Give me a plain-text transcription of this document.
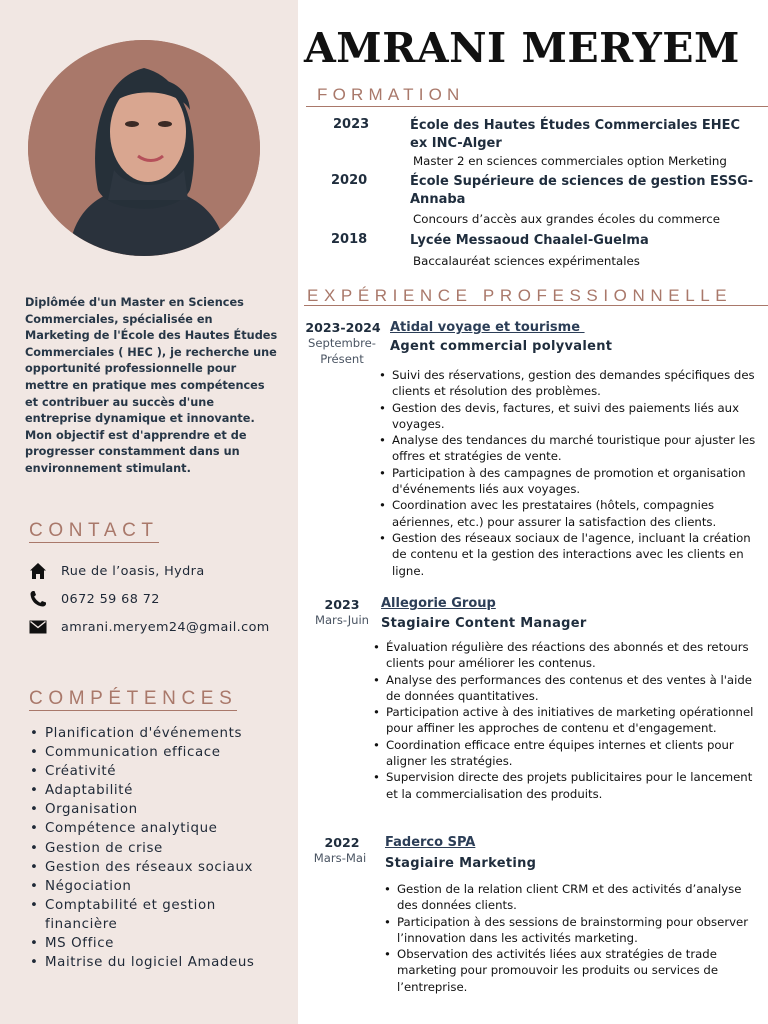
Diplômée d'un Master en Sciences Commerciales, spécialisée en Marketing de l'École des Hautes Études Commerciales ( HEC ), je recherche une opportunité professionnelle pour mettre en pratique mes compétences et contribuer au succès d'une entreprise dynamique et innovante. Mon objectif est d'apprendre et de progresser constamment dans un environnement stimulant.

CONTACT
Rue de l’oasis, Hydra
0672 59 68 72
amrani.meryem24@gmail.com
COMPÉTENCES
• Planification d'événements
• Communication efficace
• Créativité
• Adaptabilité
• Organisation
• Compétence analytique
• Gestion de crise
• Gestion des réseaux sociaux
• Négociation
• Comptabilité et gestion financière
• MS Office
• Maitrise du logiciel Amadeus
AMRANI MERYEM
FORMATION
2023	École des Hautes Études Commerciales EHEC ex INC-Alger
Master 2 en sciences commerciales option Merketing
2020	École Supérieure de sciences de gestion ESSG- Annaba
Concours d’accès aux grandes écoles du commerce
2018	Lycée Messaoud Chaalel-Guelma
Baccalauréat sciences expérimentales
EXPÉRIENCE PROFESSIONNELLE
2023-2024
Septembre-Présent
Atidal voyage et tourisme
Agent commercial polyvalent
• Suivi des réservations, gestion des demandes spécifiques des clients et résolution des problèmes.
• Gestion des devis, factures, et suivi des paiements liés aux voyages.
• Analyse des tendances du marché touristique pour ajuster les offres et stratégies de vente.
• Participation à des campagnes de promotion et organisation d'événements liés aux voyages.
• Coordination avec les prestataires (hôtels, compagnies aériennes, etc.) pour assurer la satisfaction des clients.
• Gestion des réseaux sociaux de l'agence, incluant la création de contenu et la gestion des interactions avec les clients en ligne.
2023
Mars-Juin
Allegorie Group
Stagiaire Content Manager
• Évaluation régulière des réactions des abonnés et des retours clients pour améliorer les contenus.
• Analyse des performances des contenus et des ventes à l'aide de données quantitatives.
• Participation active à des initiatives de marketing opérationnel pour affiner les approches de contenu et d'engagement.
• Coordination efficace entre équipes internes et clients pour aligner les stratégies.
• Supervision directe des projets publicitaires pour le lancement et la commercialisation des produits.
2022
Mars-Mai
Faderco SPA
Stagiaire Marketing
• Gestion de la relation client CRM et des activités d’analyse des données clients.
• Participation à des sessions de brainstorming pour observer l’innovation dans les activités marketing.
• Observation des activités liées aux stratégies de trade marketing pour promouvoir les produits ou services de l’entreprise.
